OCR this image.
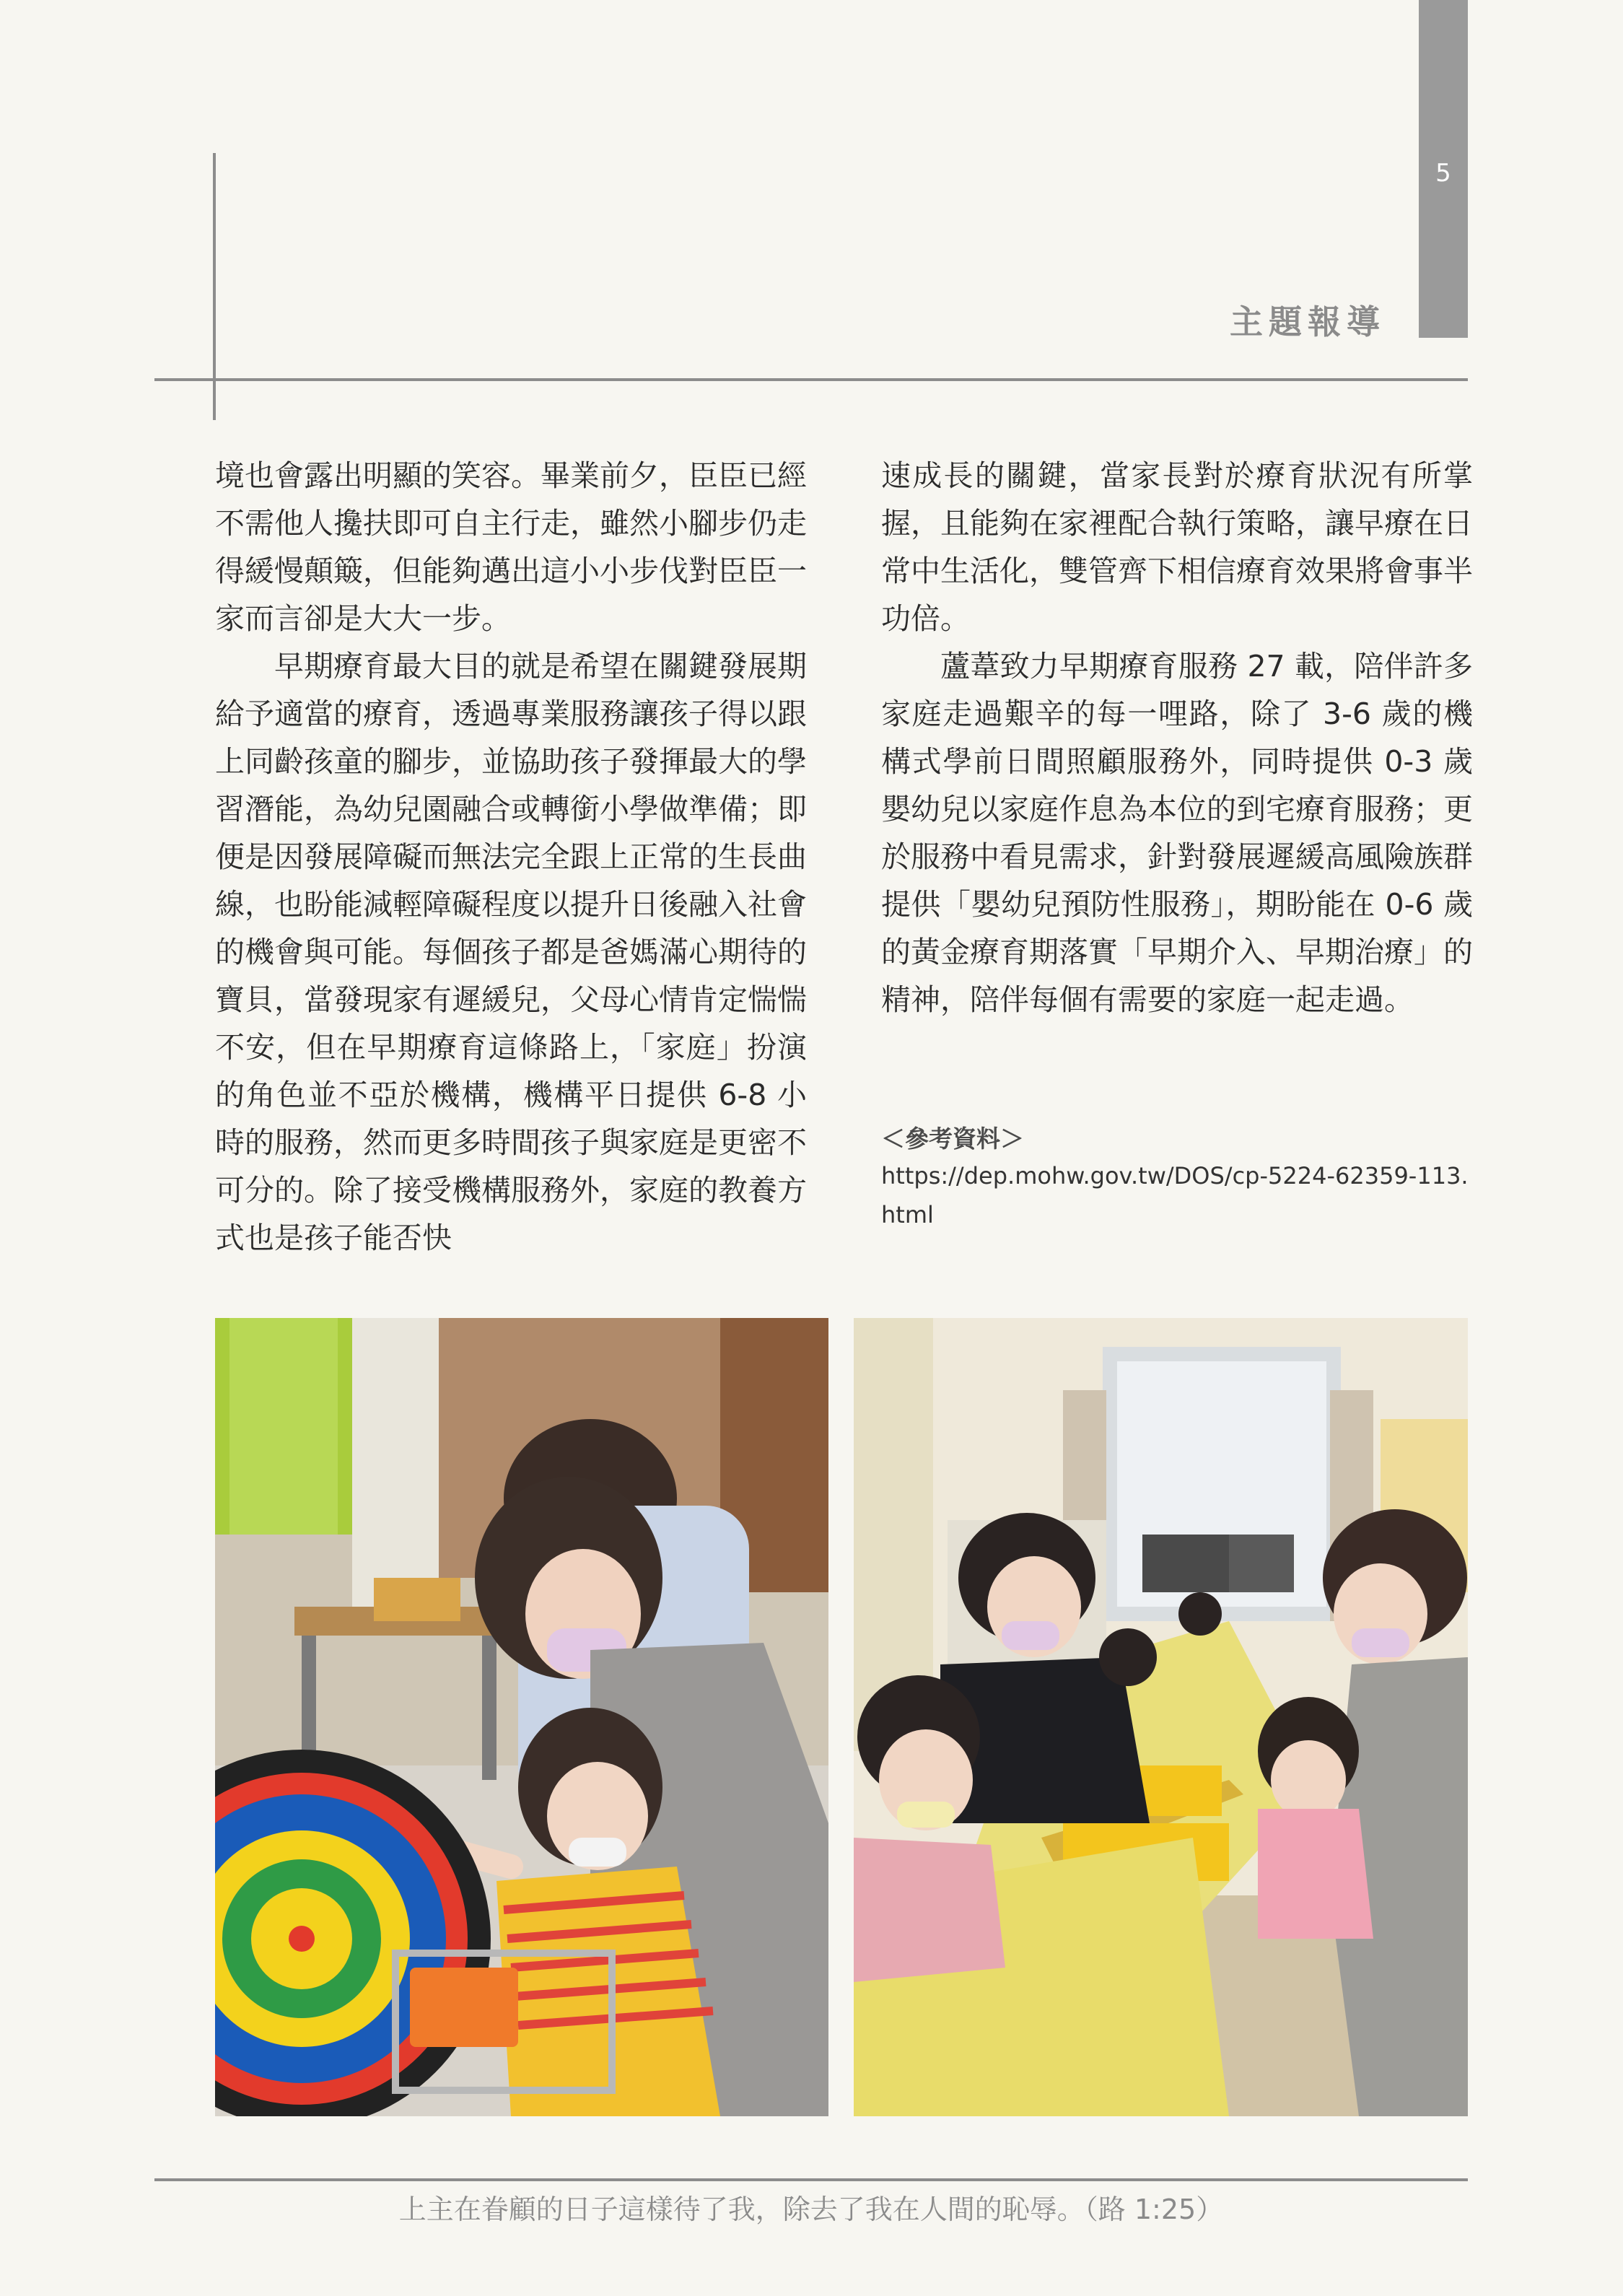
5
主題報導

境也會露出明顯的笑容。畢業前夕，臣臣已經不需他人攙扶即可自主行走，雖然小腳步仍走得緩慢顛簸，但能夠邁出這小小步伐對臣臣一家而言卻是大大一步。

早期療育最大目的就是希望在關鍵發展期給予適當的療育，透過專業服務讓孩子得以跟上同齡孩童的腳步，並協助孩子發揮最大的學習潛能，為幼兒園融合或轉銜小學做準備；即便是因發展障礙而無法完全跟上正常的生長曲線，也盼能減輕障礙程度以提升日後融入社會的機會與可能。每個孩子都是爸媽滿心期待的寶貝，當發現家有遲緩兒，父母心情肯定惴惴不安，但在早期療育這條路上，「家庭」扮演的角色並不亞於機構，機構平日提供 6-8 小時的服務，然而更多時間孩子與家庭是更密不可分的。除了接受機構服務外，家庭的教養方式也是孩子能否快

速成長的關鍵，當家長對於療育狀況有所掌握，且能夠在家裡配合執行策略，讓早療在日常中生活化，雙管齊下相信療育效果將會事半功倍。

蘆葦致力早期療育服務 27 載，陪伴許多家庭走過艱辛的每一哩路，除了 3-6 歲的機構式學前日間照顧服務外，同時提供 0-3 歲嬰幼兒以家庭作息為本位的到宅療育服務；更於服務中看見需求，針對發展遲緩高風險族群提供「嬰幼兒預防性服務」，期盼能在 0-6 歲的黃金療育期落實「早期介入、早期治療」的精神，陪伴每個有需要的家庭一起走過。

＜參考資料＞
https://dep.mohw.gov.tw/DOS/cp-5224-62359-113.html
上主在眷顧的日子這樣待了我，除去了我在人間的恥辱。（路 1:25）
